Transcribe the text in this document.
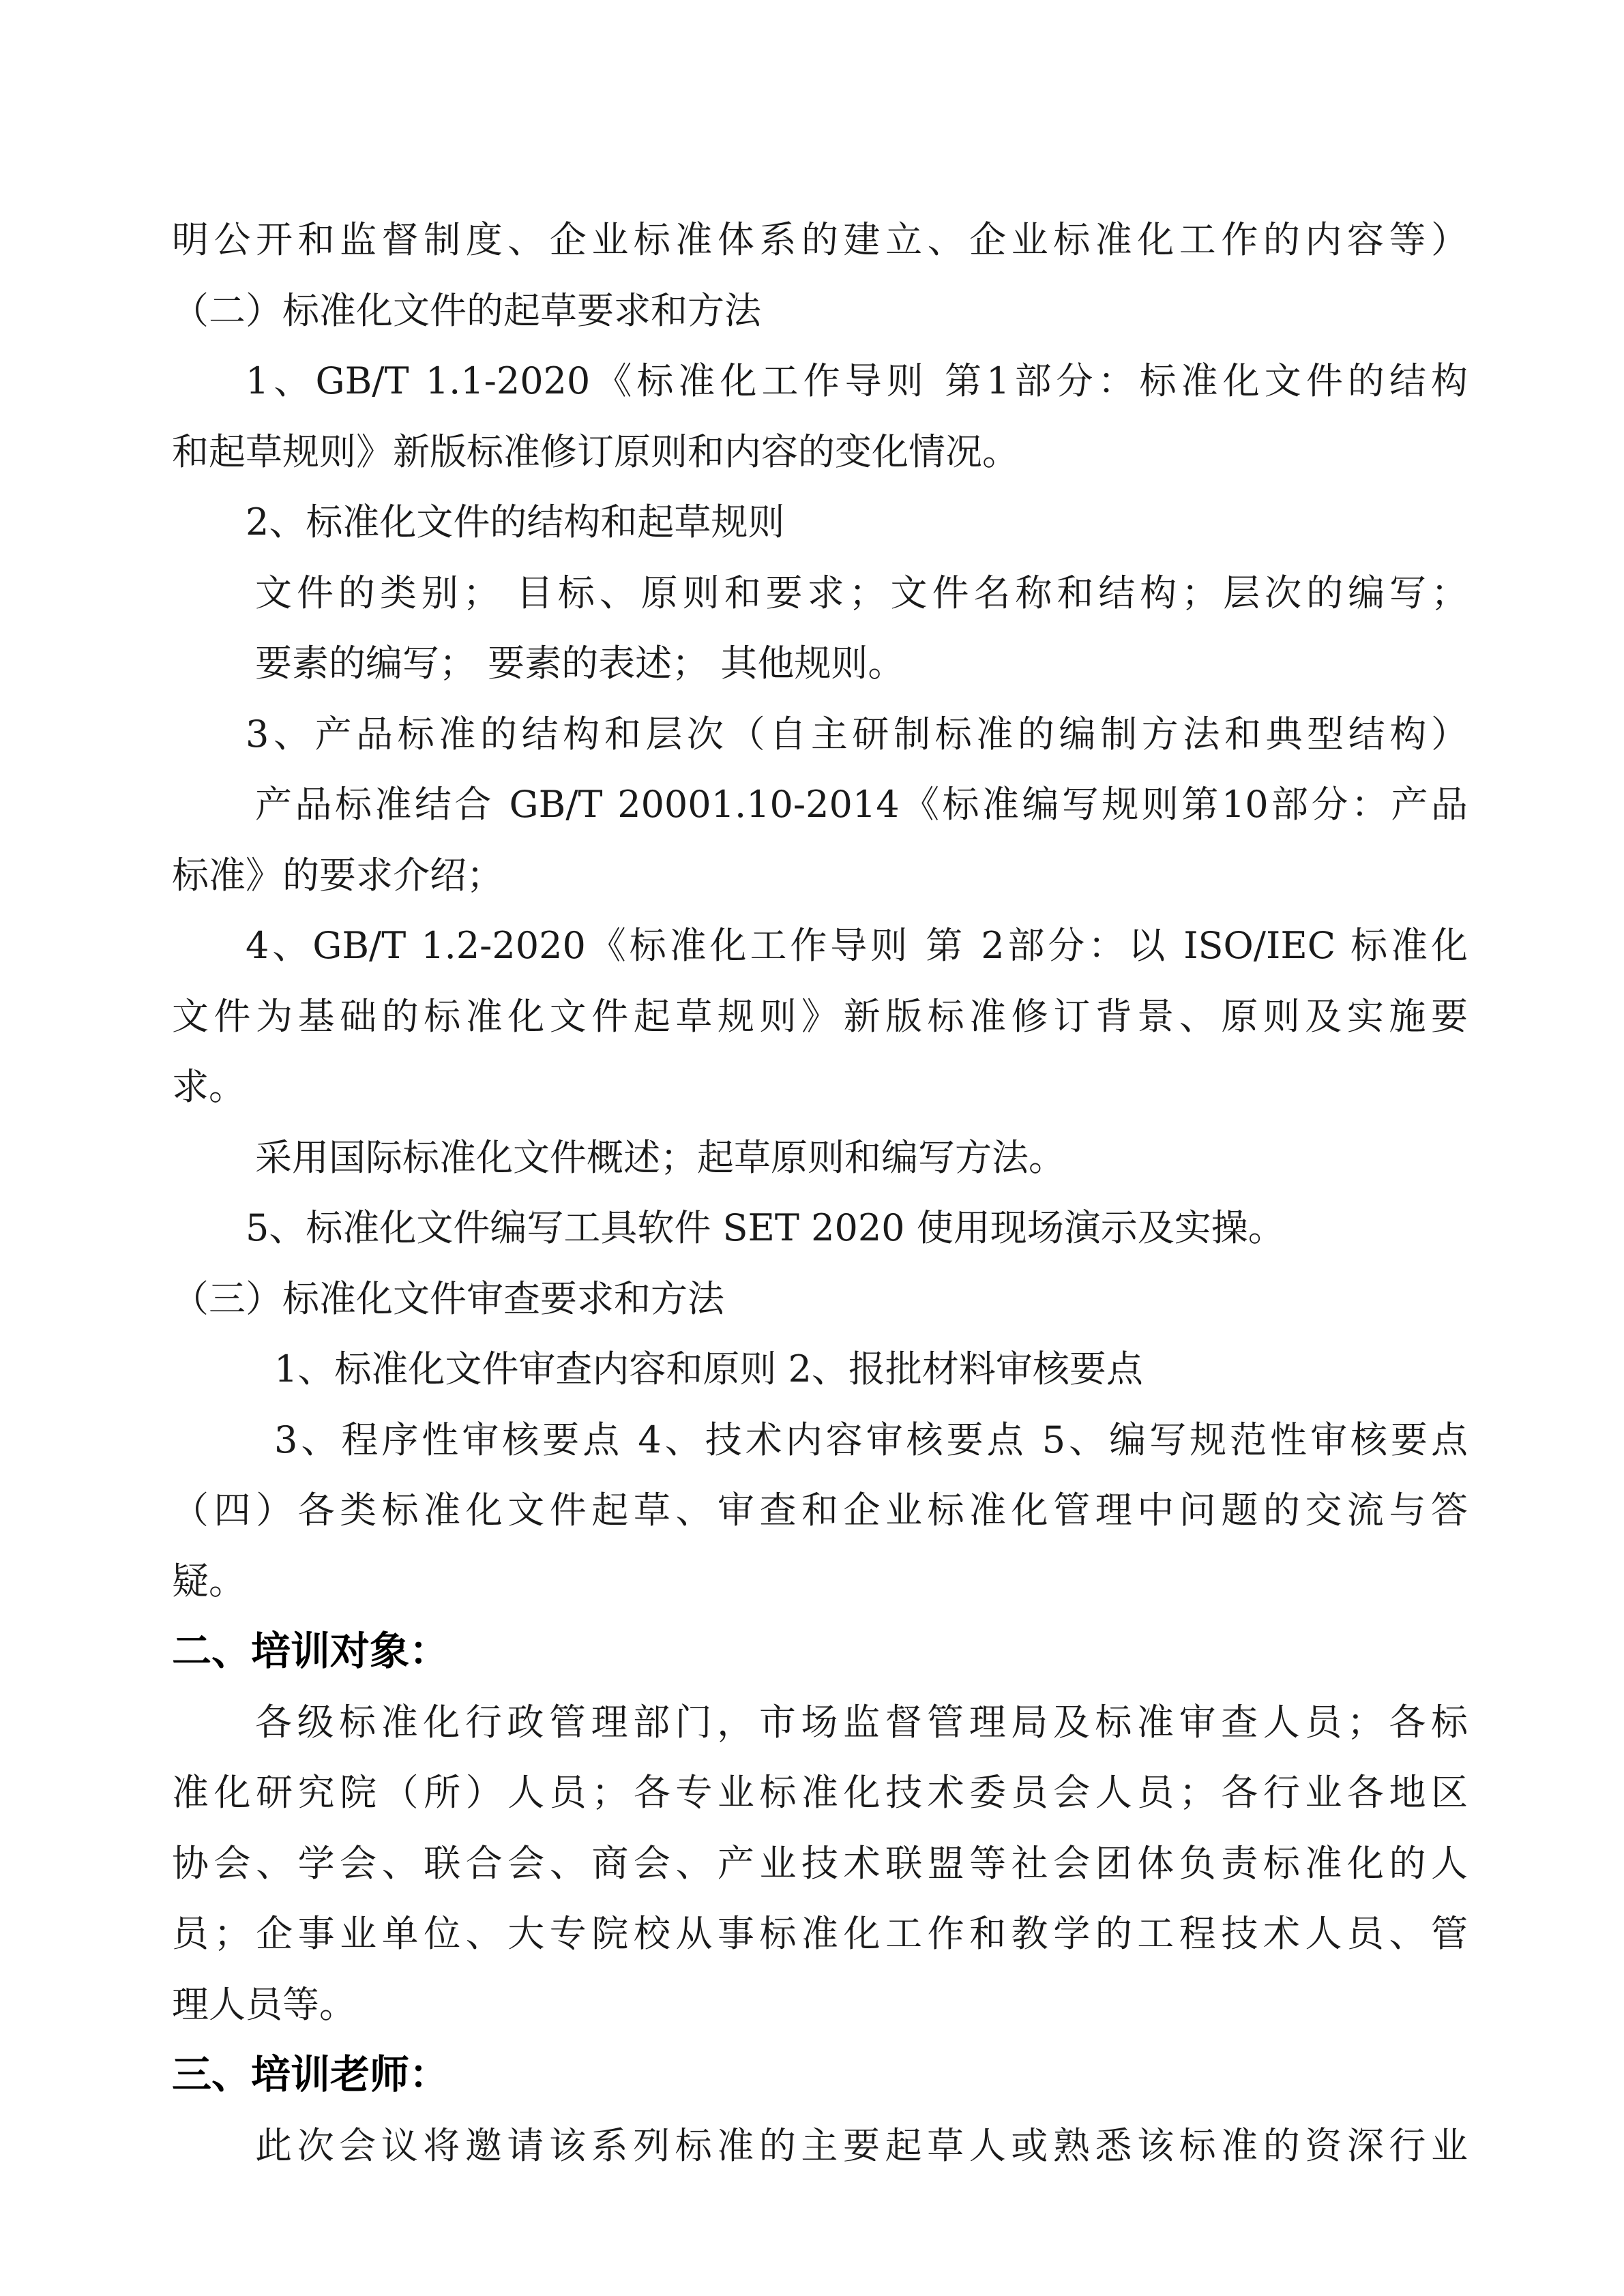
明公开和监督制度、企业标准体系的建立、企业标准化工作的内容等）

（二）标准化文件的起草要求和方法

1、GB/T 1.1-2020《标准化工作导则 第1部分：标准化文件的结构

和起草规则》新版标准修订原则和内容的变化情况。

2、标准化文件的结构和起草规则

文件的类别； 目标、原则和要求；文件名称和结构；层次的编写；

要素的编写； 要素的表述； 其他规则。

3、产品标准的结构和层次（自主研制标准的编制方法和典型结构）

产品标准结合 GB/T 20001.10-2014《标准编写规则第10部分：产品

标准》的要求介绍；

4、GB/T 1.2-2020《标准化工作导则 第 2部分：以 ISO/IEC 标准化

文件为基础的标准化文件起草规则》新版标准修订背景、原则及实施要

求。

采用国际标准化文件概述；起草原则和编写方法。

5、标准化文件编写工具软件 SET 2020 使用现场演示及实操。

（三）标准化文件审查要求和方法

1、标准化文件审查内容和原则 2、报批材料审核要点

3、程序性审核要点 4、技术内容审核要点 5、编写规范性审核要点

（四）各类标准化文件起草、审查和企业标准化管理中问题的交流与答

疑。

二、培训对象：

各级标准化行政管理部门，市场监督管理局及标准审查人员；各标

准化研究院（所）人员；各专业标准化技术委员会人员；各行业各地区

协会、学会、联合会、商会、产业技术联盟等社会团体负责标准化的人

员；企事业单位、大专院校从事标准化工作和教学的工程技术人员、管

理人员等。

三、培训老师：

此次会议将邀请该系列标准的主要起草人或熟悉该标准的资深行业
